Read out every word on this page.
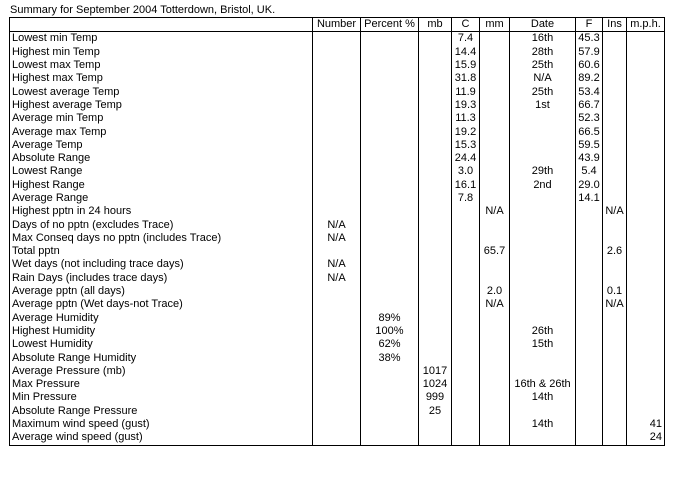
Summary for September 2004 Totterdown, Bristol, UK.
	Number	Percent %	mb	C	mm	Date	F	Ins	m.p.h.
Lowest min Temp				7.4		16th	45.3		
Highest min Temp				14.4		28th	57.9		
Lowest max Temp				15.9		25th	60.6		
Highest max Temp				31.8		N/A	89.2		
Lowest average Temp				11.9		25th	53.4		
Highest average Temp				19.3		1st	66.7		
Average min Temp				11.3			52.3		
Average max Temp				19.2			66.5		
Average Temp				15.3			59.5		
Absolute Range				24.4			43.9		
Lowest Range				3.0		29th	5.4		
Highest Range				16.1		2nd	29.0		
Average Range				7.8			14.1		
Highest pptn in 24 hours					N/A			N/A	
Days of no pptn (excludes Trace)	N/A								
Max Conseq days no pptn (includes Trace)	N/A								
Total pptn					65.7			2.6	
Wet days (not including trace days)	N/A								
Rain Days (includes trace days)	N/A								
Average pptn (all days)					2.0			0.1	
Average pptn (Wet days-not Trace)					N/A			N/A	
Average Humidity		89%							
Highest Humidity		100%				26th			
Lowest Humidity		62%				15th			
Absolute Range Humidity		38%							
Average Pressure (mb)			1017						
Max Pressure			1024			16th & 26th			
Min Pressure			999			14th			
Absolute Range Pressure			25						
Maximum wind speed (gust)						14th			41
Average wind speed (gust)									24
